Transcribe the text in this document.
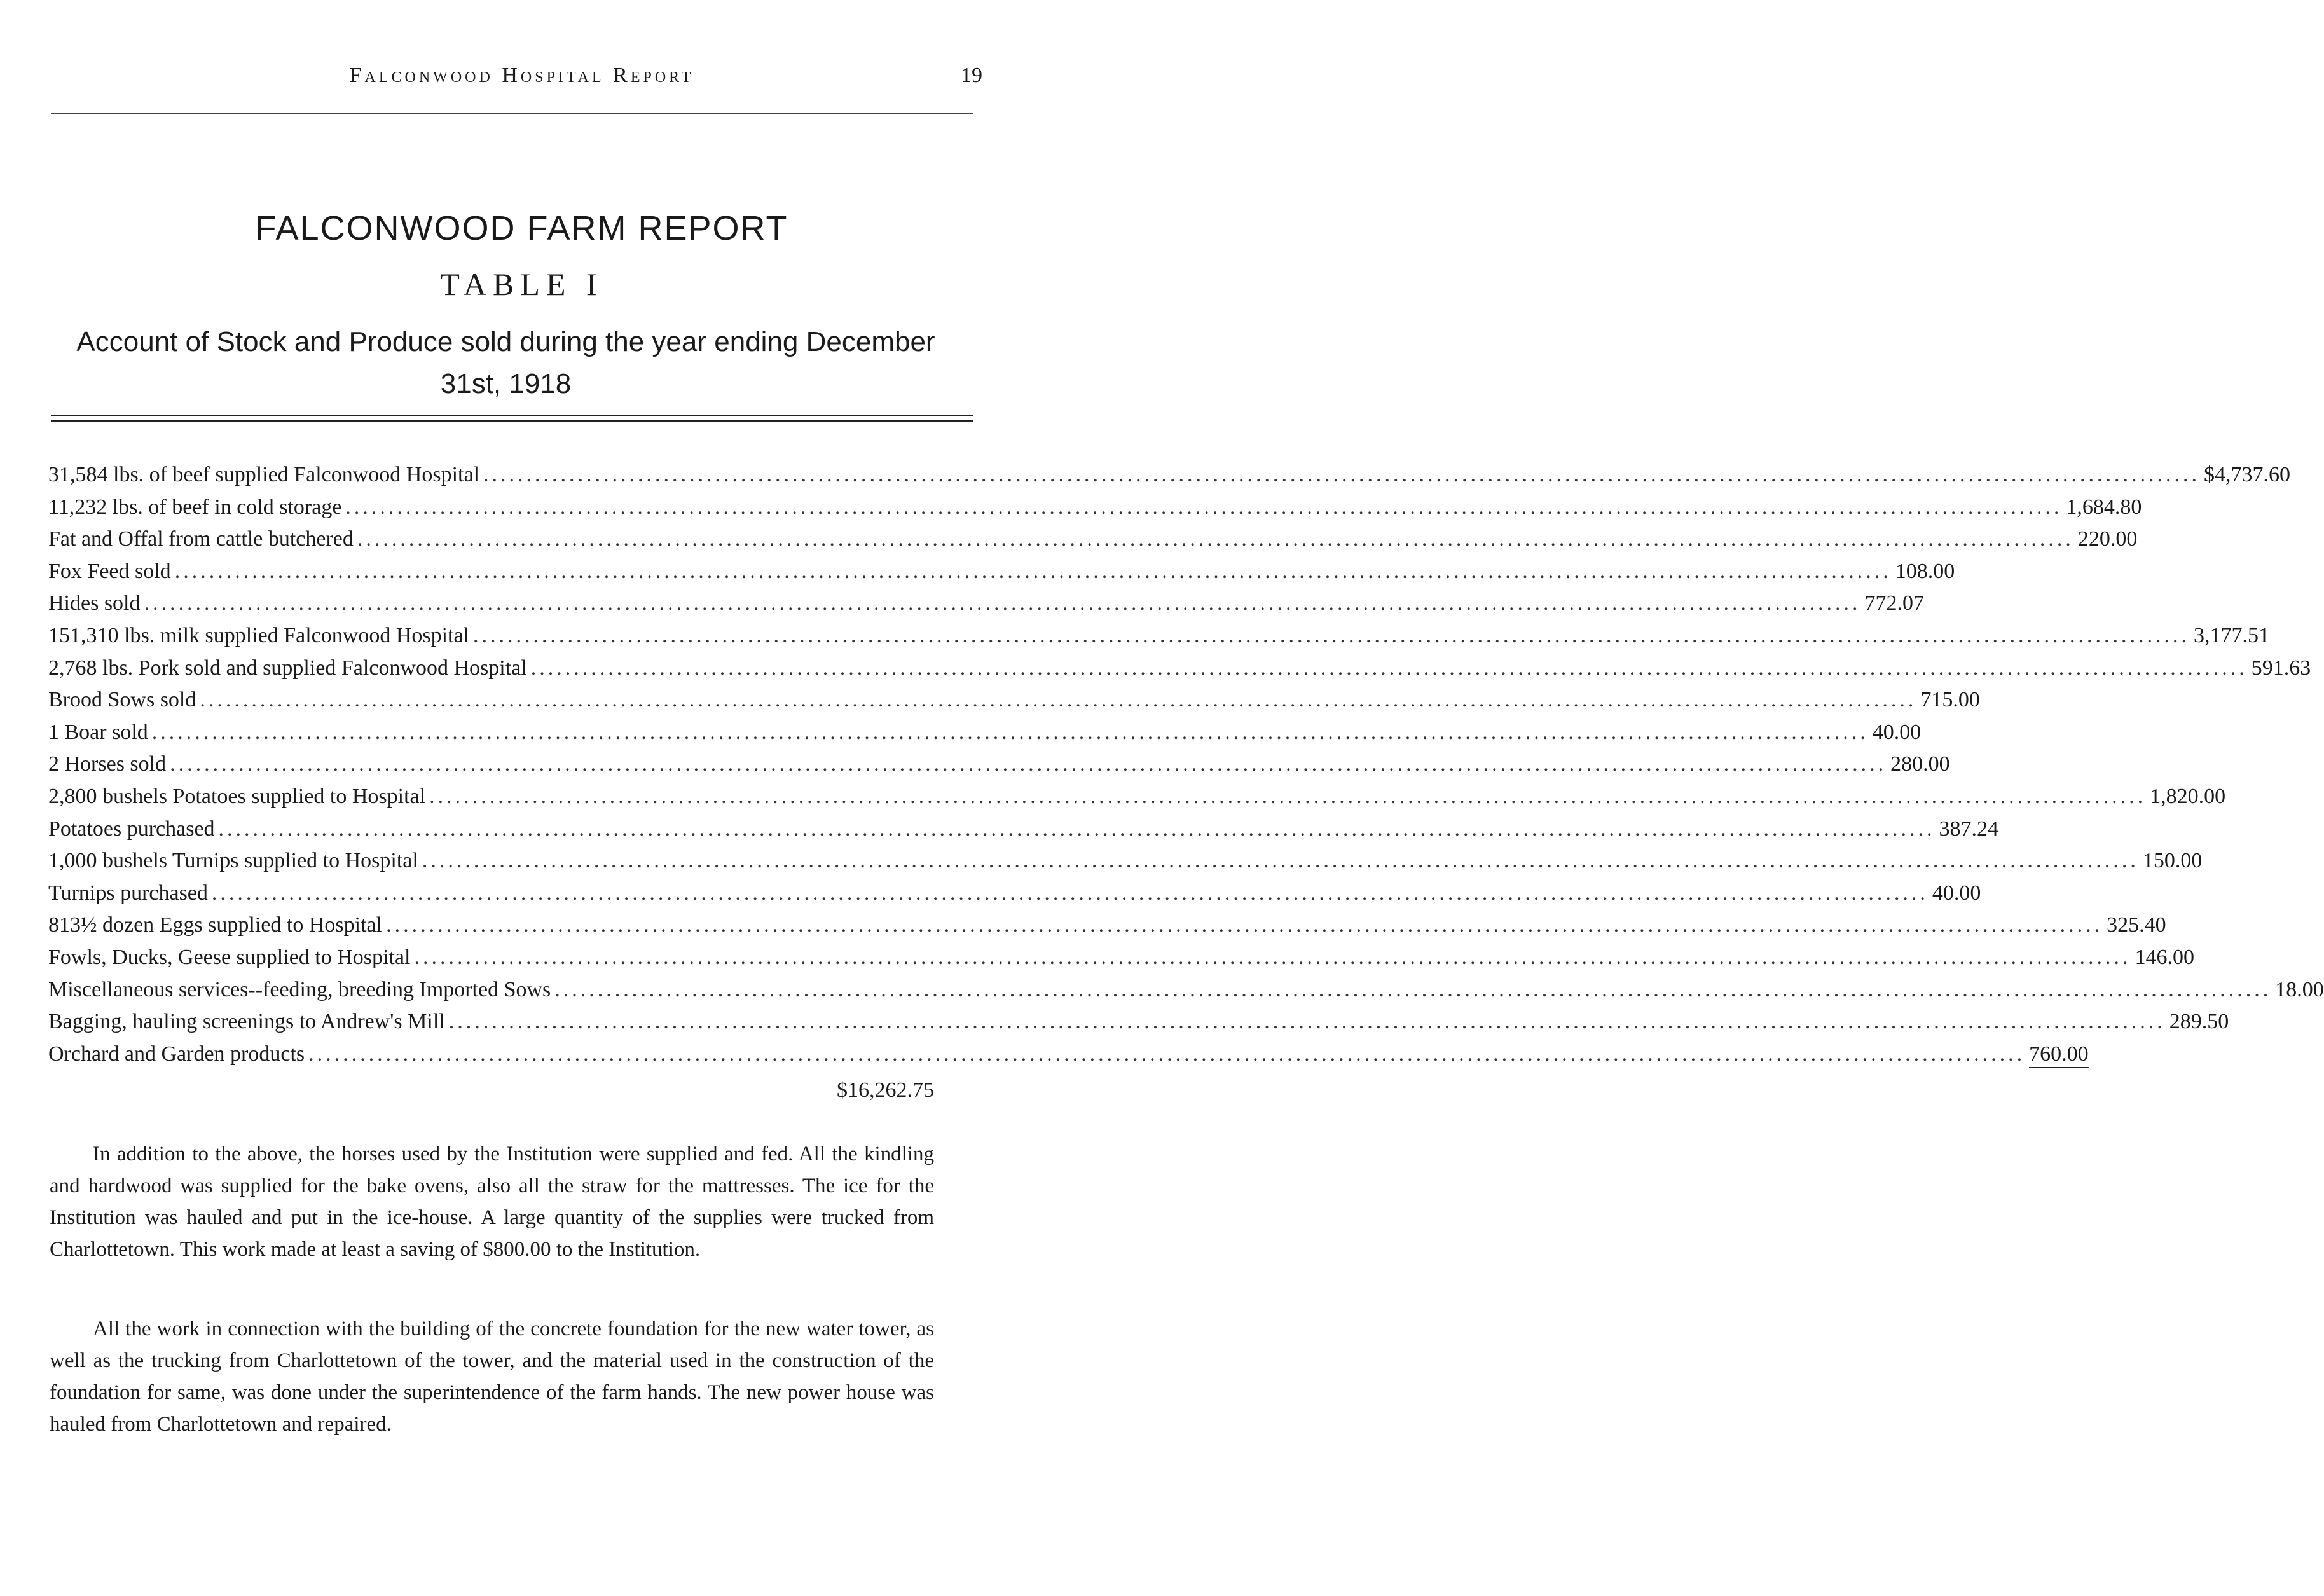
Falconwood Hospital Report	19
FALCONWOOD FARM REPORT
TABLE I
Account of Stock and Produce sold during the year ending December 31st, 1918
31,584 lbs. of beef supplied Falconwood Hospital ........................................................................................................................................................................................................ $4,737.60
11,232 lbs. of beef in cold storage ........................................................................................................................................................................................................ 1,684.80
Fat and Offal from cattle butchered ........................................................................................................................................................................................................ 220.00
Fox Feed sold ........................................................................................................................................................................................................ 108.00
Hides sold ........................................................................................................................................................................................................ 772.07
151,310 lbs. milk supplied Falconwood Hospital ........................................................................................................................................................................................................ 3,177.51
2,768 lbs. Pork sold and supplied Falconwood Hospital ........................................................................................................................................................................................................ 591.63
Brood Sows sold ........................................................................................................................................................................................................ 715.00
1 Boar sold ........................................................................................................................................................................................................ 40.00
2 Horses sold ........................................................................................................................................................................................................ 280.00
2,800 bushels Potatoes supplied to Hospital ........................................................................................................................................................................................................ 1,820.00
Potatoes purchased ........................................................................................................................................................................................................ 387.24
1,000 bushels Turnips supplied to Hospital ........................................................................................................................................................................................................ 150.00
Turnips purchased ........................................................................................................................................................................................................ 40.00
813½ dozen Eggs supplied to Hospital ........................................................................................................................................................................................................ 325.40
Fowls, Ducks, Geese supplied to Hospital ........................................................................................................................................................................................................ 146.00
Miscellaneous services--feeding, breeding Imported Sows ........................................................................................................................................................................................................ 18.00
Bagging, hauling screenings to Andrew's Mill ........................................................................................................................................................................................................ 289.50
Orchard and Garden products ........................................................................................................................................................................................................ 760.00
$16,262.75
In addition to the above, the horses used by the Institution were supplied and fed. All the kindling and hardwood was supplied for the bake ovens, also all the straw for the mattresses. The ice for the Institution was hauled and put in the ice-house. A large quantity of the supplies were trucked from Charlottetown. This work made at least a saving of $800.00 to the Institution.
All the work in connection with the building of the concrete foundation for the new water tower, as well as the trucking from Charlottetown of the tower, and the material used in the construction of the foundation for same, was done under the superintendence of the farm hands. The new power house was hauled from Charlottetown and repaired.
